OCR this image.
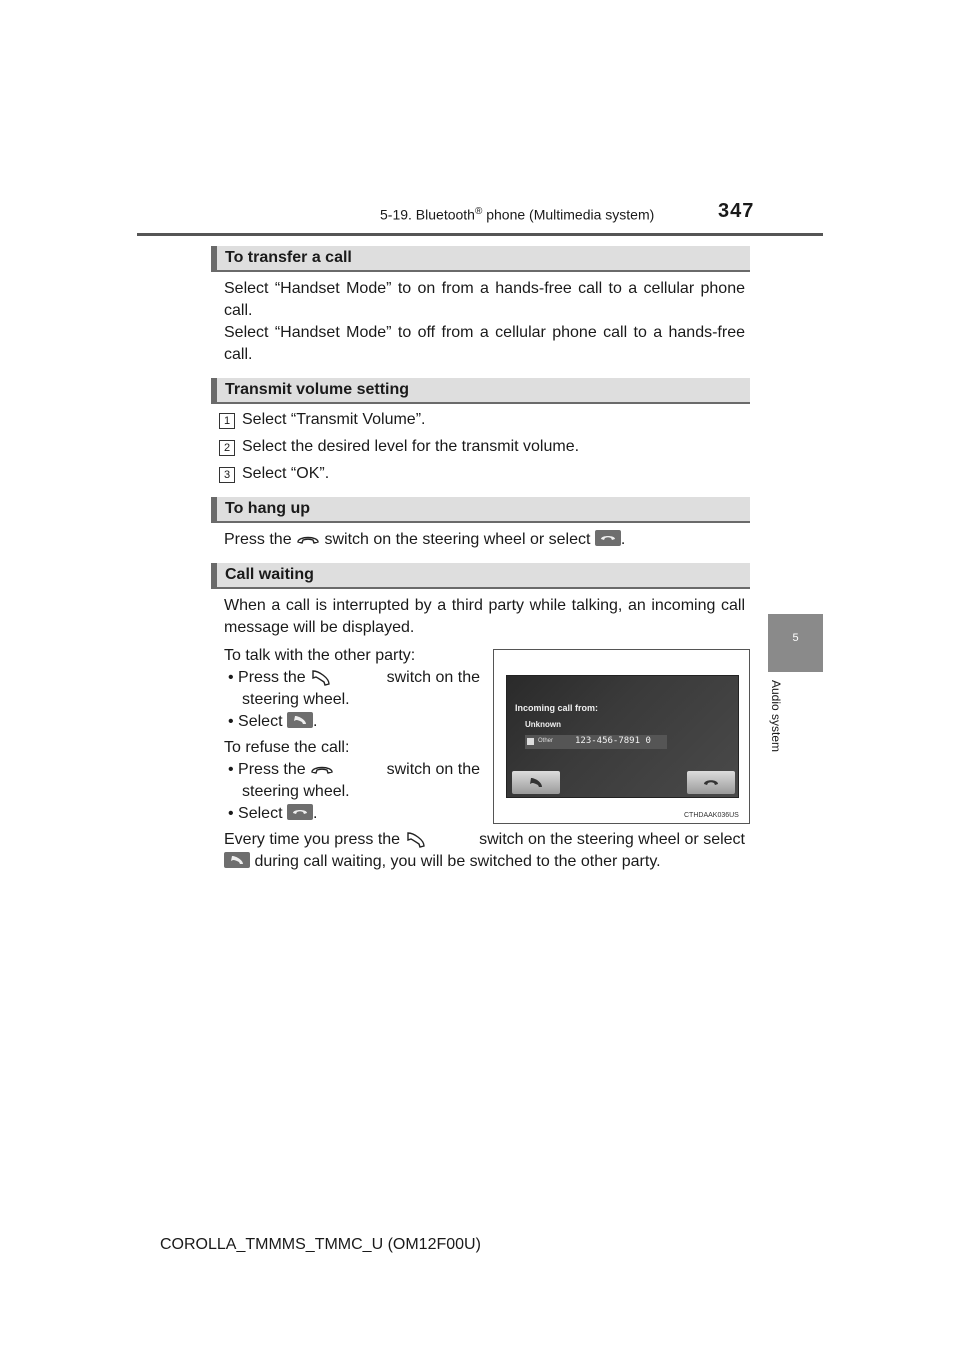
5-19. Bluetooth® phone (Multimedia system)	347
5
Audio system
To transfer a call
Select “Handset Mode” to on from a hands-free call to a cellular phone call.
Select “Handset Mode” to off from a cellular phone call to a hands-free call.
Transmit volume setting
1 Select “Transmit Volume”.
2 Select the desired level for the transmit volume.
3 Select “OK”.
To hang up
Press the switch on the steering wheel or select .
Call waiting
When a call is interrupted by a third party while talking, an incoming call message will be displayed.
To talk with the other party:
• Press the	switch on the
steering wheel.
• Select .
To refuse the call:
• Press the	switch on the
steering wheel.
• Select .
Every time you press the	switch on the steering wheel or select
during call waiting, you will be switched to the other party.
Incoming call from:
Unknown
Other 123-456-7891 0
CTHDAAK036US
COROLLA_TMMMS_TMMC_U (OM12F00U)
